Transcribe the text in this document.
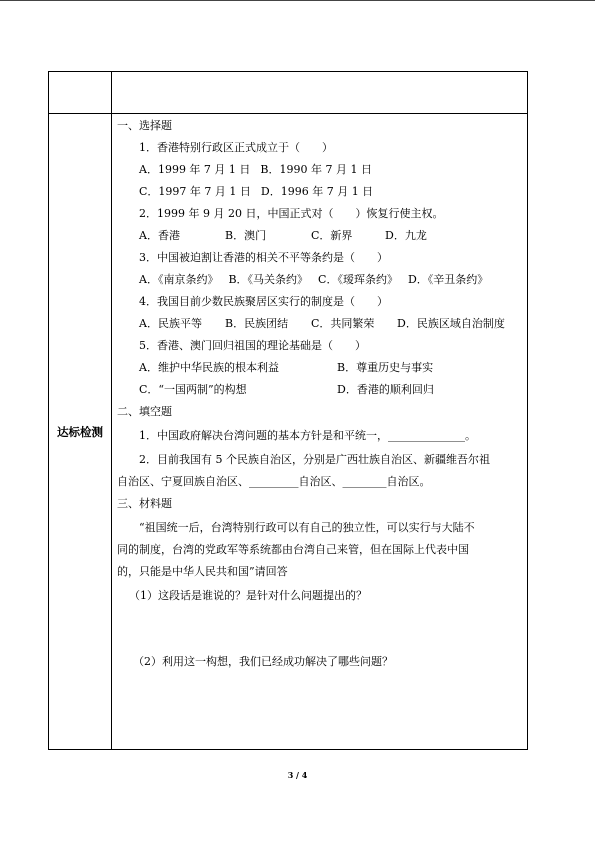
达标检测
一、选择题
1．香港特别行政区正式成立于（　　）
A．1999 年 7 月 1 日 B．1990 年 7 月 1 日
C．1997 年 7 月 1 日 D．1996 年 7 月 1 日
2．1999 年 9 月 20 日，中国正式对（　　）恢复行使主权。
A．香港	B．澳门	C．新界	D．九龙
3．中国被迫割让香港的相关不平等条约是（　　）
A．《南京条约》 B．《马关条约》 C．《瑷珲条约》 D．《辛丑条约》
4．我国目前少数民族聚居区实行的制度是（　　）
A．民族平等 B．民族团结 C．共同繁荣 D．民族区域自治制度
5．香港、澳门回归祖国的理论基础是（　　）
A．维护中华民族的根本利益	B．尊重历史与事实
C．“一国两制”的构想	D．香港的顺利回归
二、填空题
1．中国政府解决台湾问题的基本方针是和平统一，______________。
2．目前我国有 5 个民族自治区，分别是广西壮族自治区、新疆维吾尔祖
自治区、宁夏回族自治区、_________自治区、________自治区。
三、材料题
“祖国统一后，台湾特别行政可以有自己的独立性，可以实行与大陆不
同的制度，台湾的党政军等系统都由台湾自己来管，但在国际上代表中国
的，只能是中华人民共和国”请回答
（1）这段话是谁说的？是针对什么问题提出的？
（2）利用这一构想，我们已经成功解决了哪些问题？
3 / 4
